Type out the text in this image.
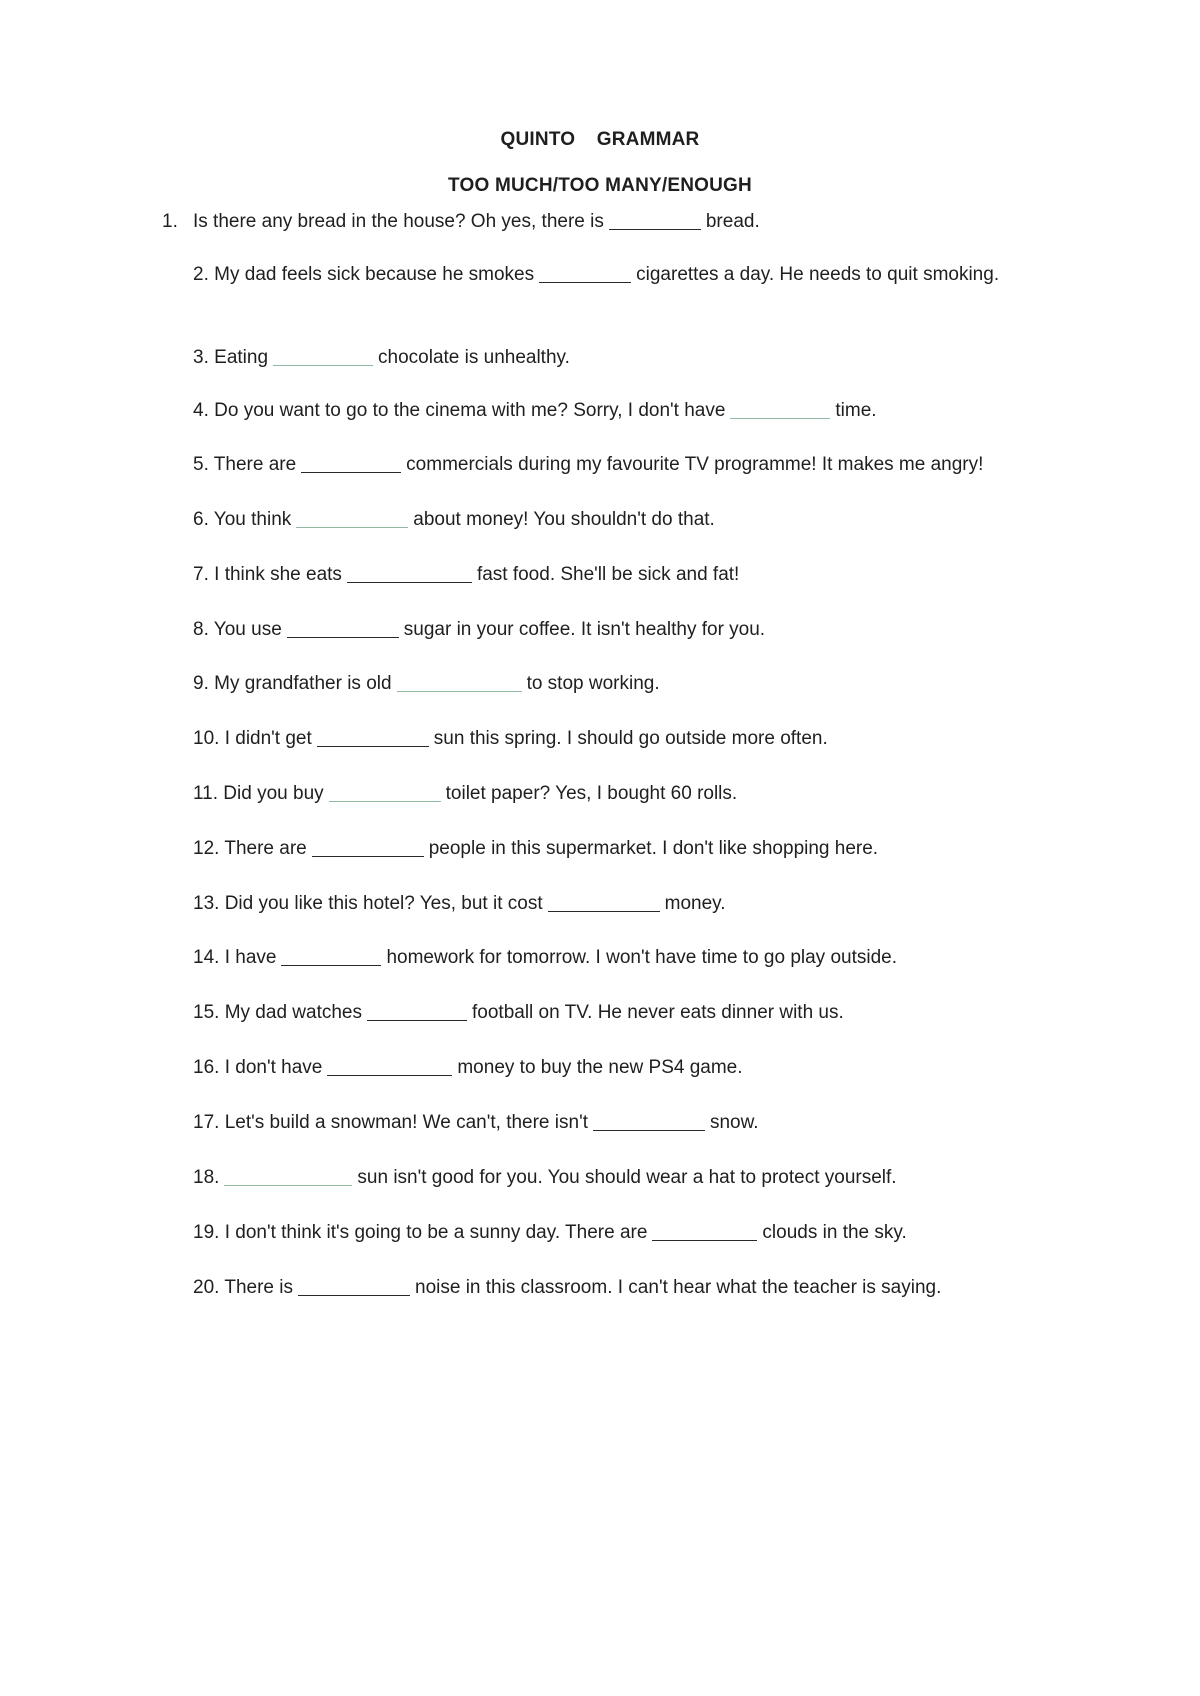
QUINTO GRAMMAR
TOO MUCH/TOO MANY/ENOUGH
1. Is there any bread in the house? Oh yes, there is	bread.
2. My dad feels sick because he smokes	cigarettes a day. He needs to quit smoking.
3. Eating	chocolate is unhealthy.
4. Do you want to go to the cinema with me? Sorry, I don't have	time.
5. There are	commercials during my favourite TV programme! It makes me angry!
6. You think	about money! You shouldn't do that.
7. I think she eats	fast food. She'll be sick and fat!
8. You use	sugar in your coffee. It isn't healthy for you.
9. My grandfather is old	to stop working.
10. I didn't get	sun this spring. I should go outside more often.
11. Did you buy	toilet paper? Yes, I bought 60 rolls.
12. There are	people in this supermarket. I don't like shopping here.
13. Did you like this hotel? Yes, but it cost	money.
14. I have	homework for tomorrow. I won't have time to go play outside.
15. My dad watches	football on TV. He never eats dinner with us.
16. I don't have	money to buy the new PS4 game.
17. Let's build a snowman! We can't, there isn't	snow.
18.	sun isn't good for you. You should wear a hat to protect yourself.
19. I don't think it's going to be a sunny day. There are	clouds in the sky.
20. There is	noise in this classroom. I can't hear what the teacher is saying.
